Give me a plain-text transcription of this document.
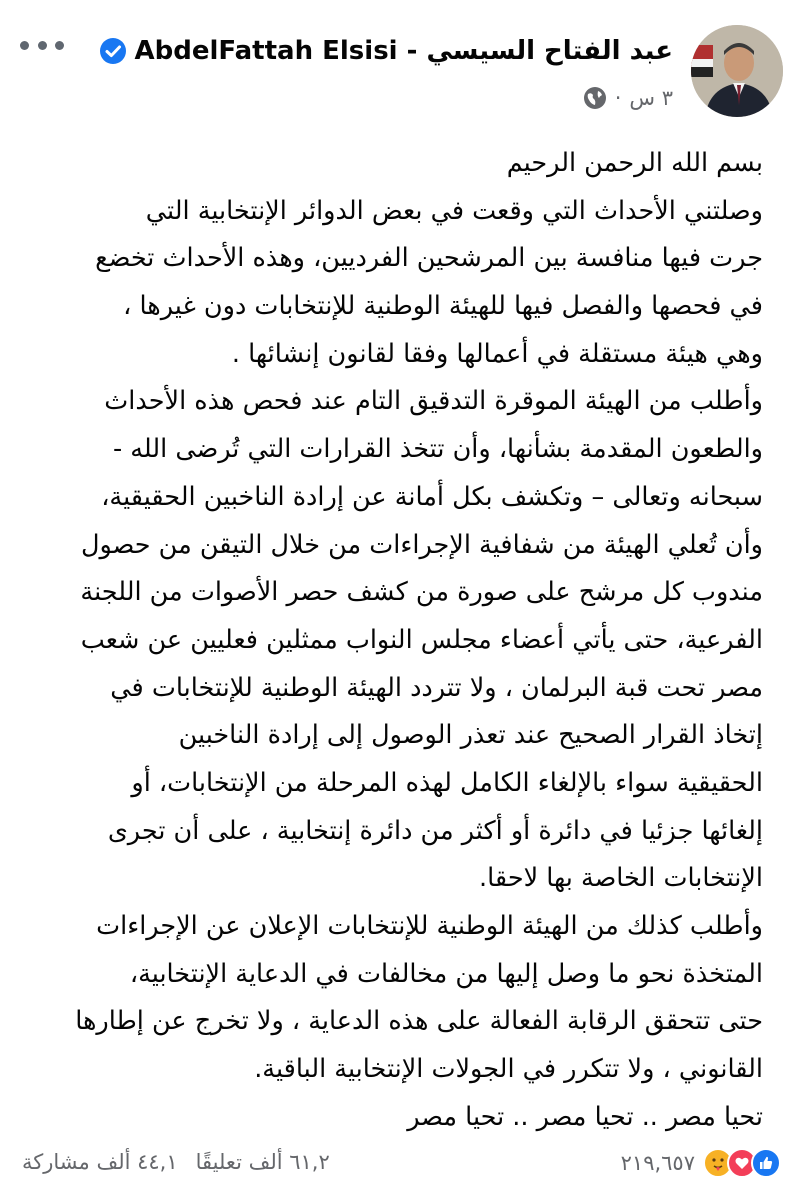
AbdelFattah Elsisi - عبد الفتاح السيسي
٣ س
·
بسم الله الرحمن الرحيم
وصلتني الأحداث التي وقعت في بعض الدوائر الإنتخابية التي
جرت فيها منافسة بين المرشحين الفرديين، وهذه الأحداث تخضع
في فحصها والفصل فيها للهيئة الوطنية للإنتخابات دون غيرها ،
وهي هيئة مستقلة في أعمالها وفقا لقانون إنشائها .
وأطلب من الهيئة الموقرة التدقيق التام عند فحص هذه الأحداث
والطعون المقدمة بشأنها، وأن تتخذ القرارات التي تُرضى الله -
سبحانه وتعالى – وتكشف بكل أمانة عن إرادة الناخبين الحقيقية،
وأن تُعلي الهيئة من شفافية الإجراءات من خلال التيقن من حصول
مندوب كل مرشح على صورة من كشف حصر الأصوات من اللجنة
الفرعية، حتى يأتي أعضاء مجلس النواب ممثلين فعليين عن شعب
مصر تحت قبة البرلمان ، ولا تتردد الهيئة الوطنية للإنتخابات في
إتخاذ القرار الصحيح عند تعذر الوصول إلى إرادة الناخبين
الحقيقية سواء بالإلغاء الكامل لهذه المرحلة من الإنتخابات، أو
إلغائها جزئيا في دائرة أو أكثر من دائرة إنتخابية ، على أن تجرى
الإنتخابات الخاصة بها لاحقا.
وأطلب كذلك من الهيئة الوطنية للإنتخابات الإعلان عن الإجراءات
المتخذة نحو ما وصل إليها من مخالفات في الدعاية الإنتخابية،
حتى تتحقق الرقابة الفعالة على هذه الدعاية ، ولا تخرج عن إطارها
القانوني ، ولا تتكرر في الجولات الإنتخابية الباقية.
تحيا مصر .. تحيا مصر .. تحيا مصر
٢١٩,٦٥٧
٦١,٢ ألف تعليقًا
٤٤,١ ألف مشاركة
